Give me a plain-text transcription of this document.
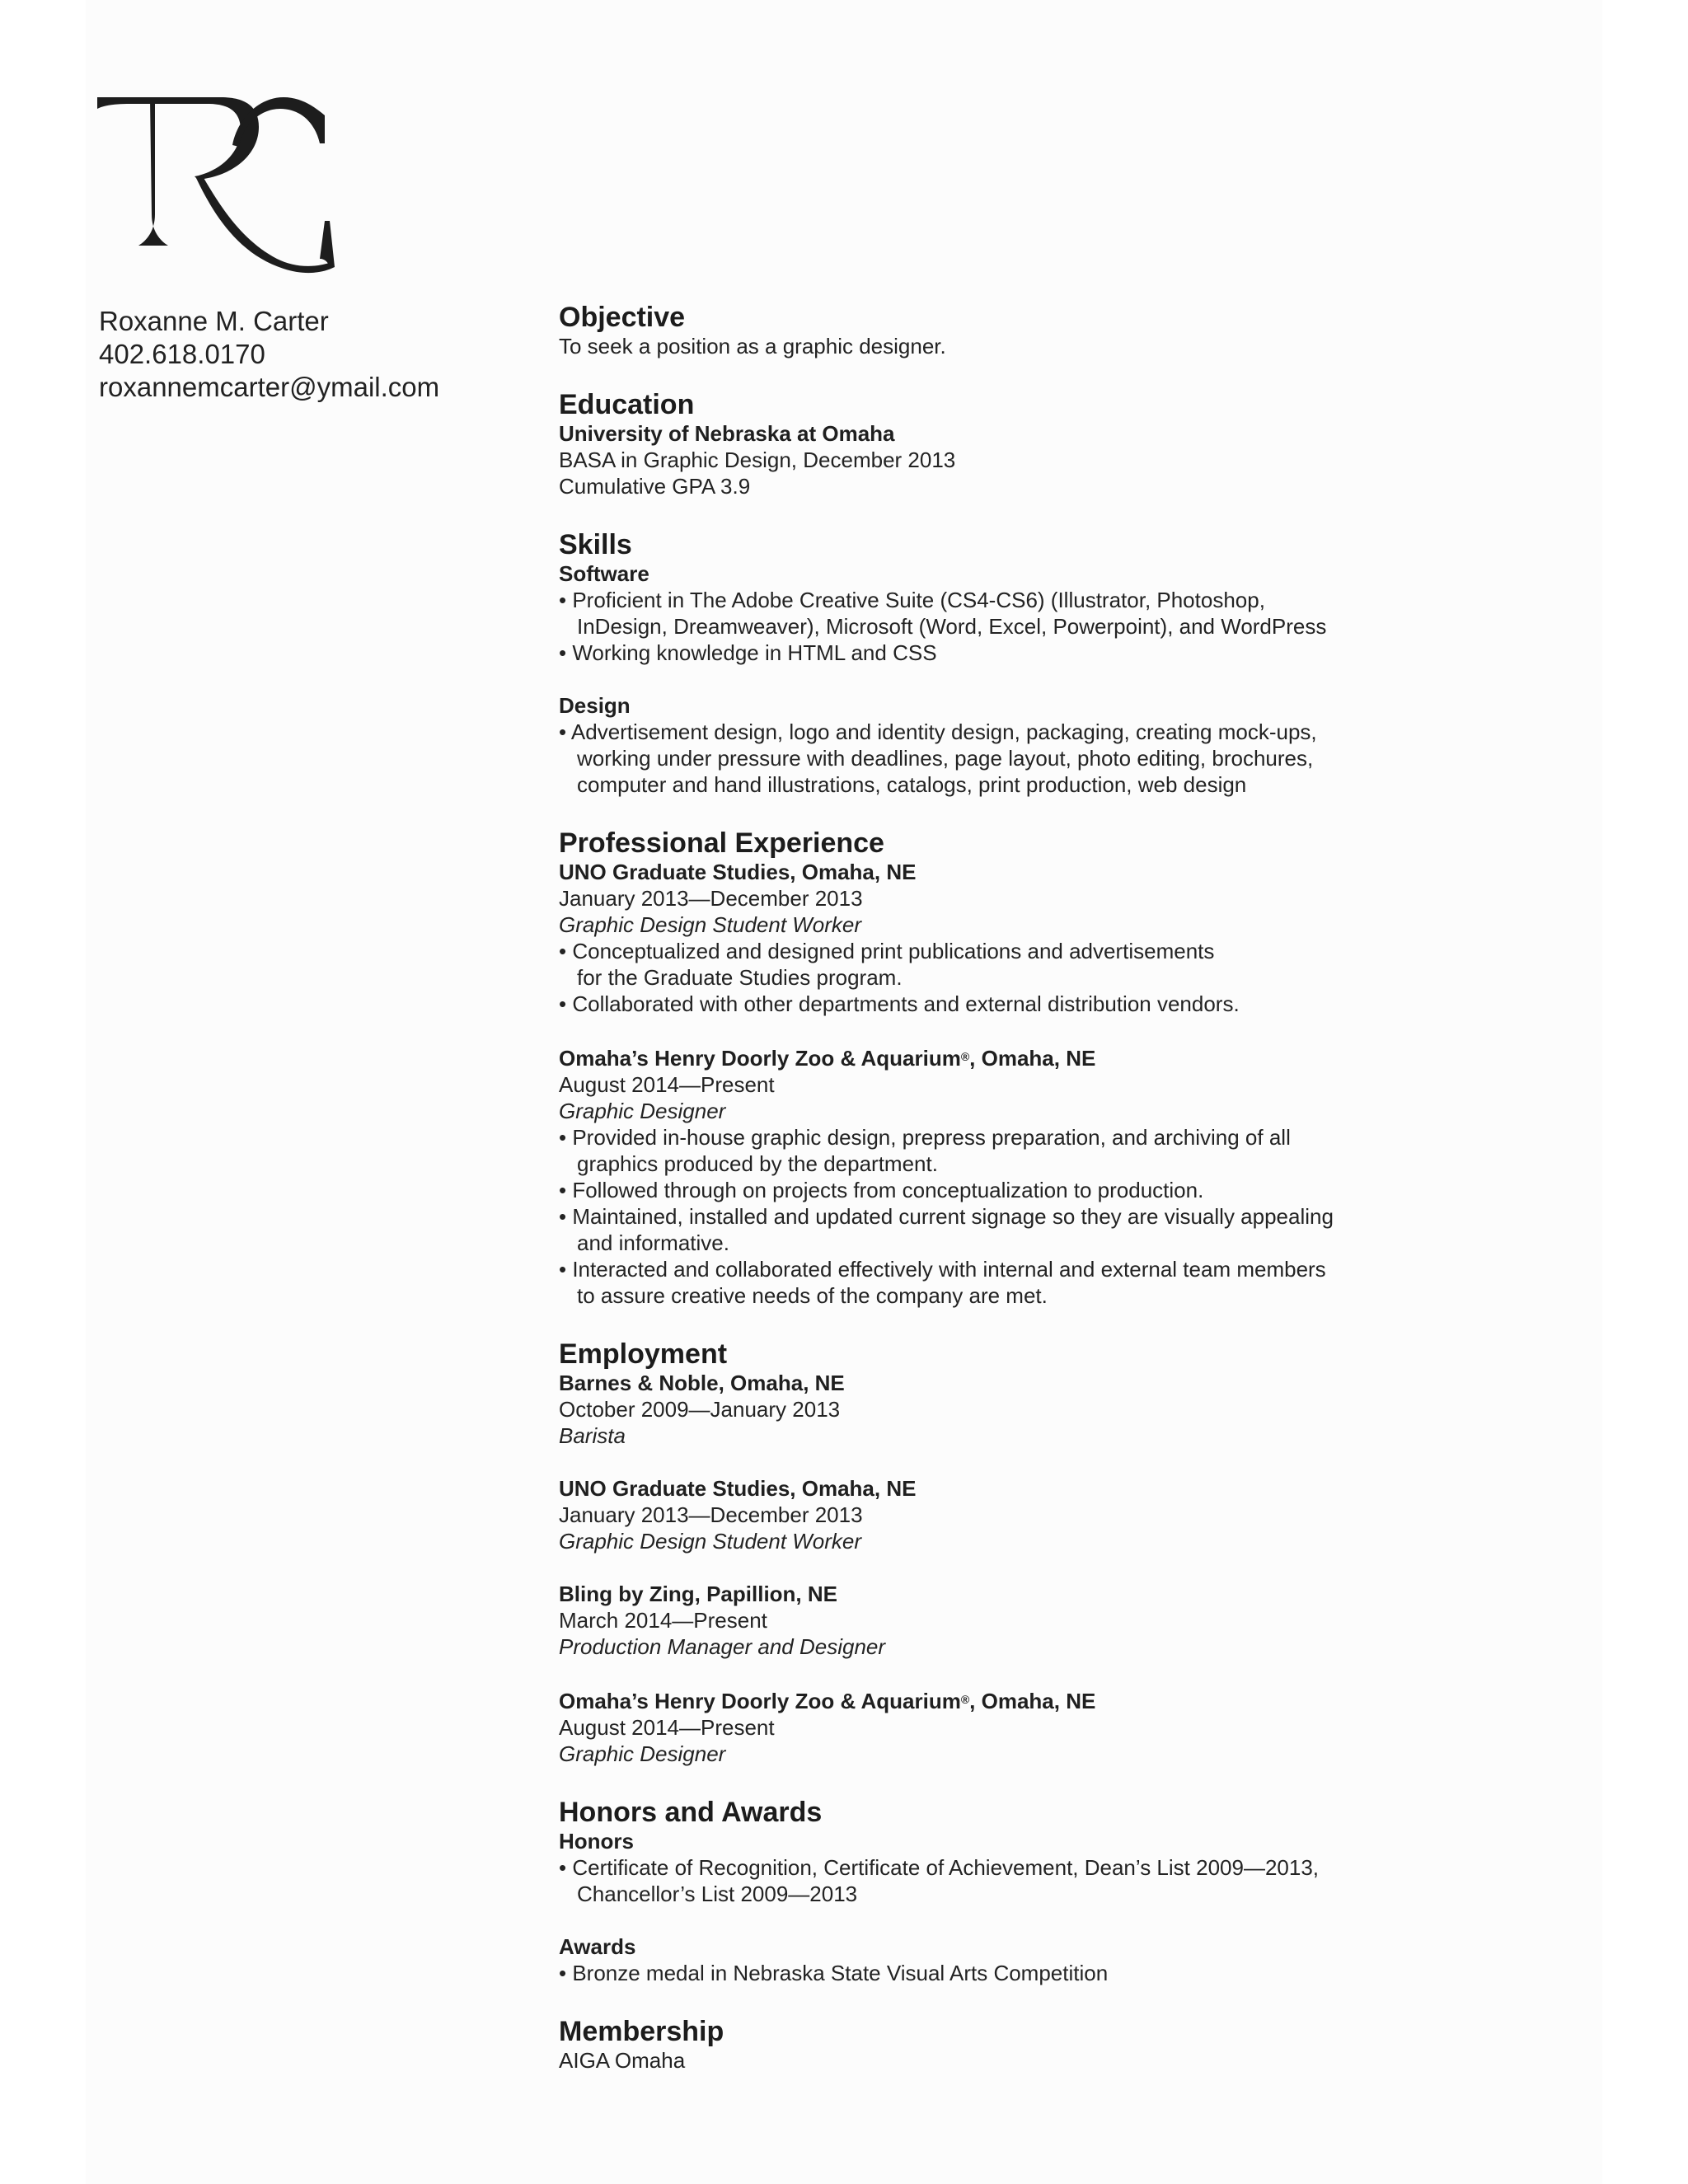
Roxanne M. Carter
402.618.0170
roxannemcarter@ymail.com
Objective
To seek a position as a graphic designer.
Education
University of Nebraska at Omaha
BASA in Graphic Design, December 2013
Cumulative GPA 3.9
Skills
Software
• Proficient in The Adobe Creative Suite (CS4-CS6) (Illustrator, Photoshop,
InDesign, Dreamweaver), Microsoft (Word, Excel, Powerpoint), and WordPress
• Working knowledge in HTML and CSS
Design
• Advertisement design, logo and identity design, packaging, creating mock-ups,
working under pressure with deadlines, page layout, photo editing, brochures,
computer and hand illustrations, catalogs, print production, web design
Professional Experience
UNO Graduate Studies, Omaha, NE
January 2013—December 2013
Graphic Design Student Worker
• Conceptualized and designed print publications and advertisements
for the Graduate Studies program.
• Collaborated with other departments and external distribution vendors.
Omaha’s Henry Doorly Zoo & Aquarium®, Omaha, NE
August 2014—Present
Graphic Designer
• Provided in-house graphic design, prepress preparation, and archiving of all
graphics produced by the department.
• Followed through on projects from conceptualization to production.
• Maintained, installed and updated current signage so they are visually appealing
and informative.
• Interacted and collaborated effectively with internal and external team members
to assure creative needs of the company are met.
Employment
Barnes & Noble, Omaha, NE
October 2009—January 2013
Barista
UNO Graduate Studies, Omaha, NE
January 2013—December 2013
Graphic Design Student Worker
Bling by Zing, Papillion, NE
March 2014—Present
Production Manager and Designer
Omaha’s Henry Doorly Zoo & Aquarium®, Omaha, NE
August 2014—Present
Graphic Designer
Honors and Awards
Honors
• Certificate of Recognition, Certificate of Achievement, Dean’s List 2009—2013,
Chancellor’s List 2009—2013
Awards
• Bronze medal in Nebraska State Visual Arts Competition
Membership
AIGA Omaha
